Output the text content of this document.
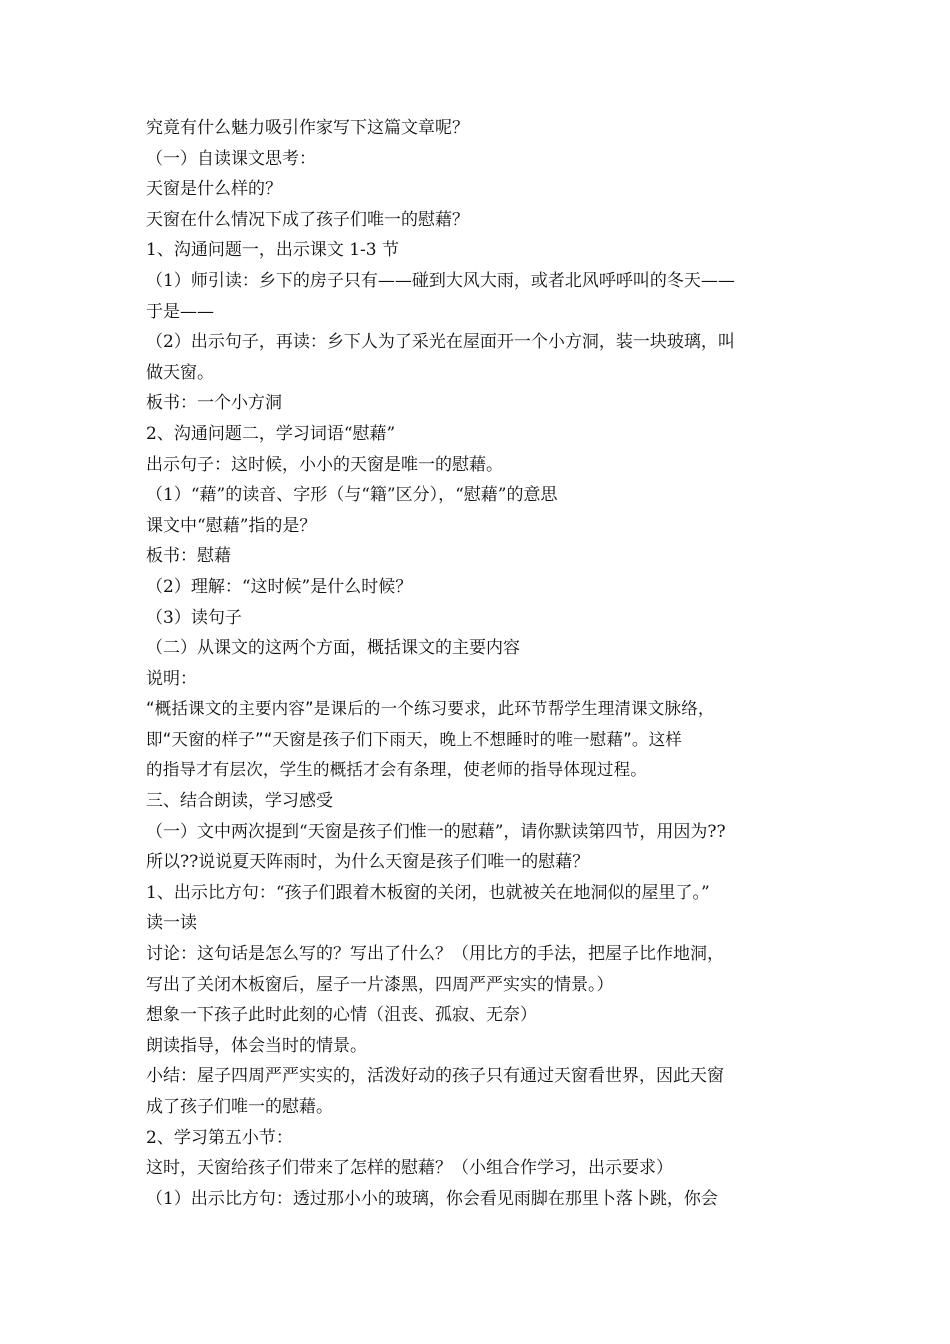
究竟有什么魅力吸引作家写下这篇文章呢？
（一）自读课文思考：
天窗是什么样的？
天窗在什么情况下成了孩子们唯一的慰藉？
1、沟通问题一，出示课文 1-3 节
（1）师引读：乡下的房子只有——碰到大风大雨，或者北风呼呼叫的冬天——
于是——
（2）出示句子，再读：乡下人为了采光在屋面开一个小方洞，装一块玻璃，叫
做天窗。
板书：一个小方洞
2、沟通问题二，学习词语“慰藉”
出示句子：这时候，小小的天窗是唯一的慰藉。
（1）“藉”的读音、字形（与“籍”区分），“慰藉”的意思
课文中“慰藉”指的是？
板书：慰藉
（2）理解：“这时候”是什么时候？
（3）读句子
（二）从课文的这两个方面，概括课文的主要内容
说明：
“概括课文的主要内容”是课后的一个练习要求，此环节帮学生理清课文脉络，
即“天窗的样子”“天窗是孩子们下雨天，晚上不想睡时的唯一慰藉”。这样
的指导才有层次，学生的概括才会有条理，使老师的指导体现过程。
三、结合朗读，学习感受
（一）文中两次提到“天窗是孩子们惟一的慰藉”，请你默读第四节，用因为??
所以??说说夏天阵雨时，为什么天窗是孩子们唯一的慰藉？
1、出示比方句：“孩子们跟着木板窗的关闭，也就被关在地洞似的屋里了。”
读一读
讨论：这句话是怎么写的？写出了什么？（用比方的手法，把屋子比作地洞，
写出了关闭木板窗后，屋子一片漆黑，四周严严实实的情景。）
想象一下孩子此时此刻的心情（沮丧、孤寂、无奈）
朗读指导，体会当时的情景。
小结：屋子四周严严实实的，活泼好动的孩子只有通过天窗看世界，因此天窗
成了孩子们唯一的慰藉。
2、学习第五小节：
这时，天窗给孩子们带来了怎样的慰藉？（小组合作学习，出示要求）
（1）出示比方句：透过那小小的玻璃，你会看见雨脚在那里卜落卜跳，你会
